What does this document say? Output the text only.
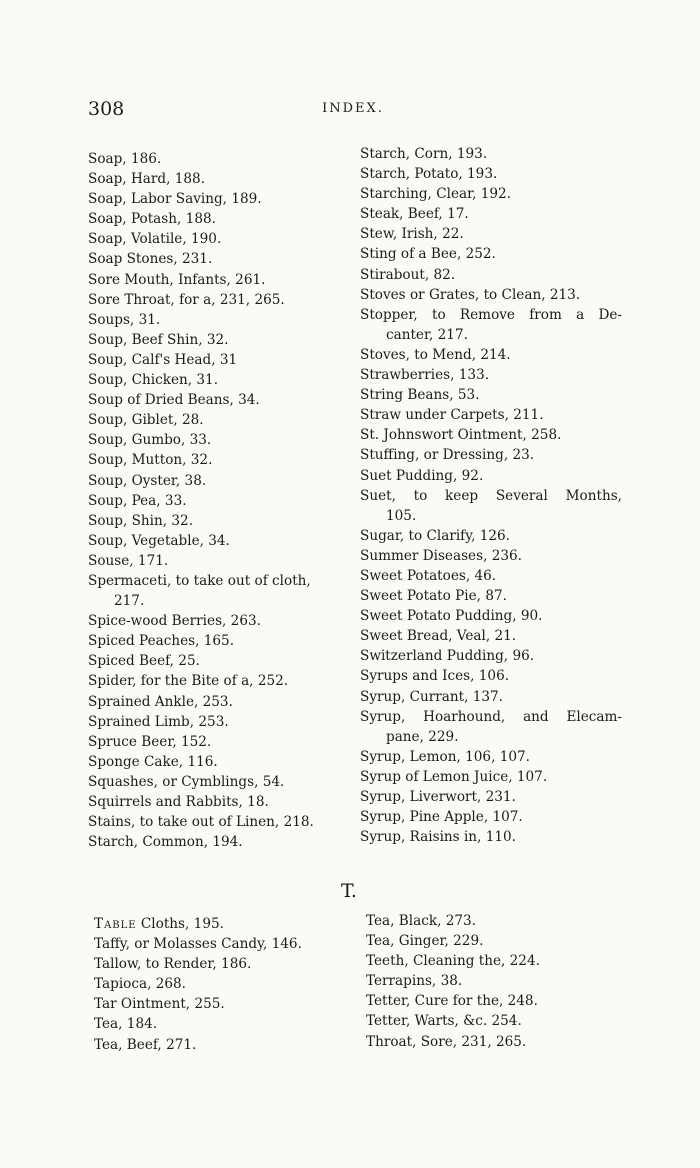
308	INDEX.
Soap, 186.
Soap, Hard, 188.
Soap, Labor Saving, 189.
Soap, Potash, 188.
Soap, Volatile, 190.
Soap Stones, 231.
Sore Mouth, Infants, 261.
Sore Throat, for a, 231, 265.
Soups, 31.
Soup, Beef Shin, 32.
Soup, Calf's Head, 31
Soup, Chicken, 31.
Soup of Dried Beans, 34.
Soup, Giblet, 28.
Soup, Gumbo, 33.
Soup, Mutton, 32.
Soup, Oyster, 38.
Soup, Pea, 33.
Soup, Shin, 32.
Soup, Vegetable, 34.
Souse, 171.
Spermaceti, to take out of cloth,
217.
Spice-wood Berries, 263.
Spiced Peaches, 165.
Spiced Beef, 25.
Spider, for the Bite of a, 252.
Sprained Ankle, 253.
Sprained Limb, 253.
Spruce Beer, 152.
Sponge Cake, 116.
Squashes, or Cymblings, 54.
Squirrels and Rabbits, 18.
Stains, to take out of Linen, 218.
Starch, Common, 194.
Starch, Corn, 193.
Starch, Potato, 193.
Starching, Clear, 192.
Steak, Beef, 17.
Stew, Irish, 22.
Sting of a Bee, 252.
Stirabout, 82.
Stoves or Grates, to Clean, 213.
Stopper, to Remove from a De-
canter, 217.
Stoves, to Mend, 214.
Strawberries, 133.
String Beans, 53.
Straw under Carpets, 211.
St. Johnswort Ointment, 258.
Stuffing, or Dressing, 23.
Suet Pudding, 92.
Suet, to keep Several Months,
105.
Sugar, to Clarify, 126.
Summer Diseases, 236.
Sweet Potatoes, 46.
Sweet Potato Pie, 87.
Sweet Potato Pudding, 90.
Sweet Bread, Veal, 21.
Switzerland Pudding, 96.
Syrups and Ices, 106.
Syrup, Currant, 137.
Syrup, Hoarhound, and Elecam-
pane, 229.
Syrup, Lemon, 106, 107.
Syrup of Lemon Juice, 107.
Syrup, Liverwort, 231.
Syrup, Pine Apple, 107.
Syrup, Raisins in, 110.
T.
Table Cloths, 195.
Taffy, or Molasses Candy, 146.
Tallow, to Render, 186.
Tapioca, 268.
Tar Ointment, 255.
Tea, 184.
Tea, Beef, 271.
Tea, Black, 273.
Tea, Ginger, 229.
Teeth, Cleaning the, 224.
Terrapins, 38.
Tetter, Cure for the, 248.
Tetter, Warts, &c. 254.
Throat, Sore, 231, 265.
